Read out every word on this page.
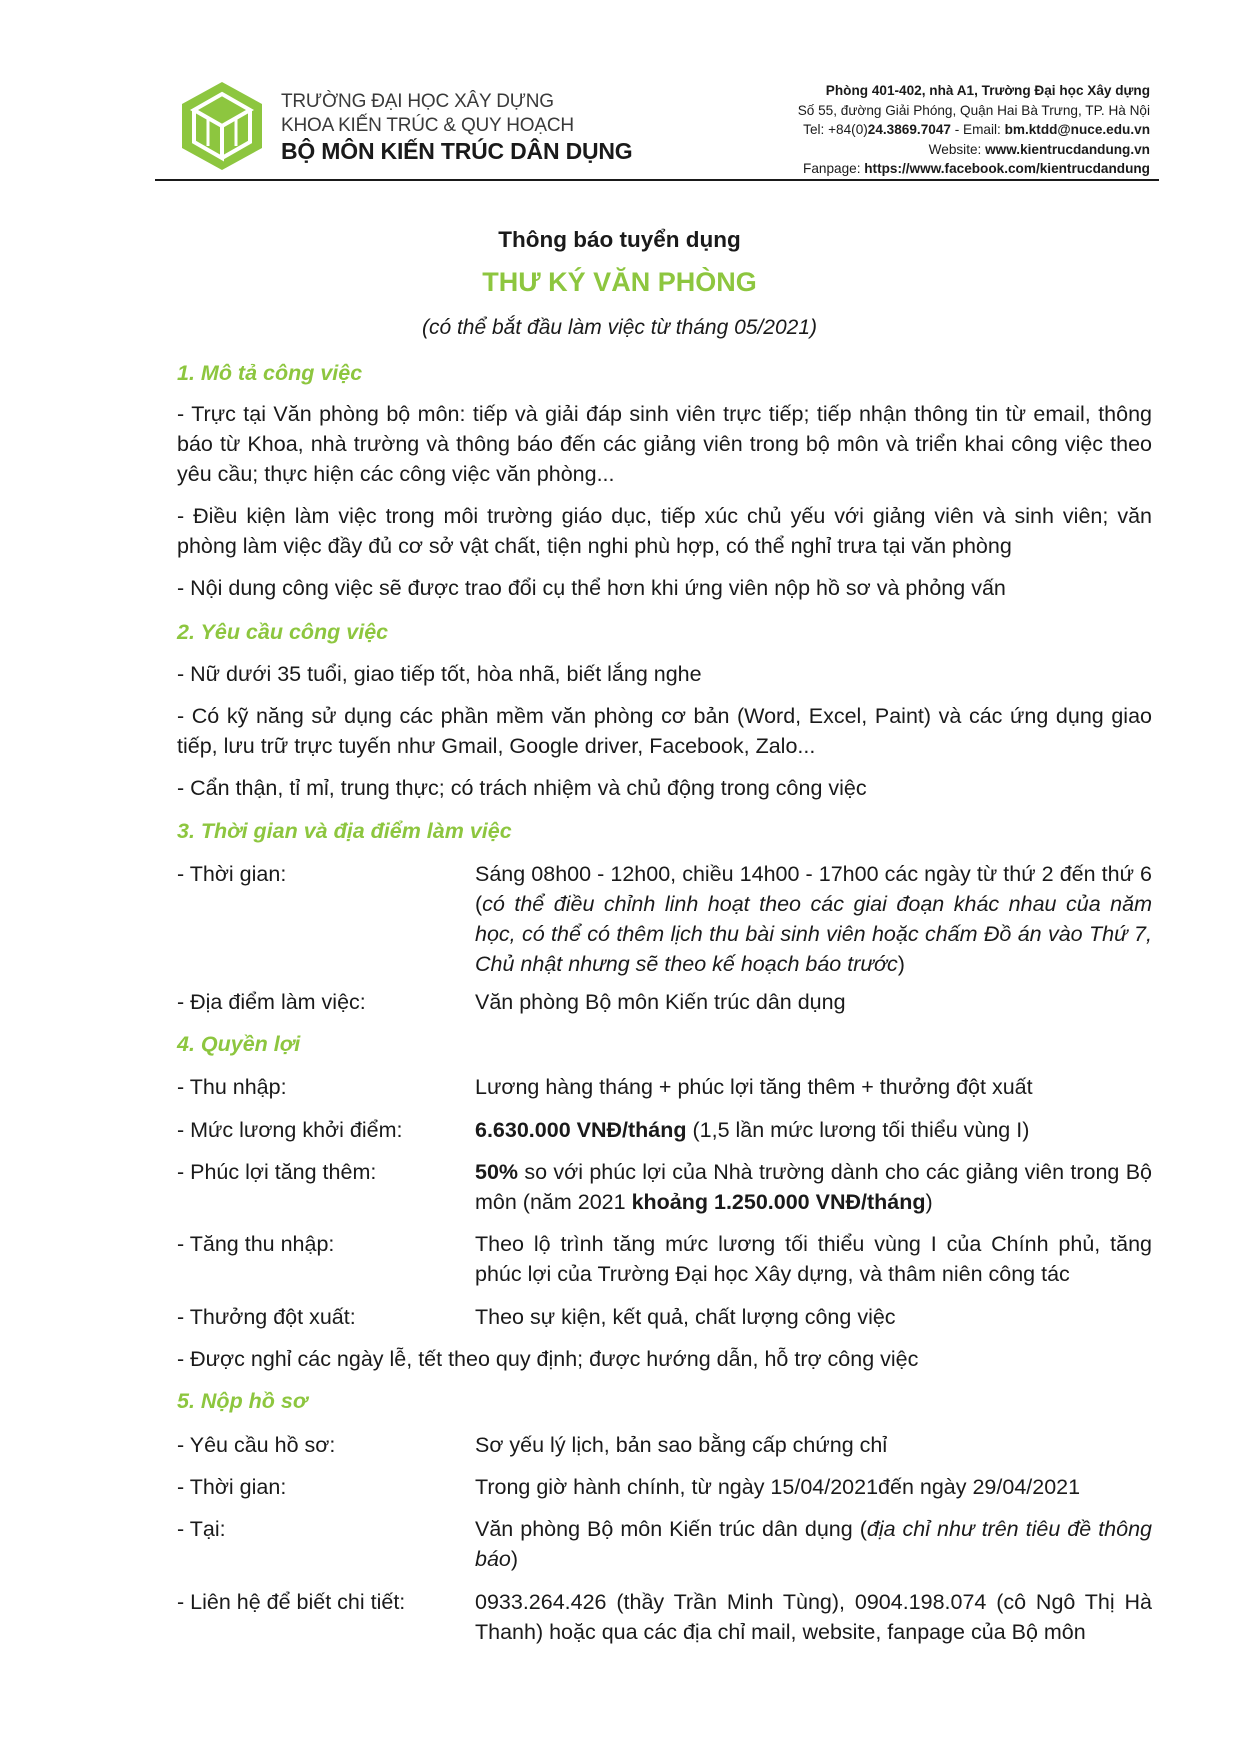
TRƯỜNG ĐẠI HỌC XÂY DỰNG
KHOA KIẾN TRÚC & QUY HOẠCH
BỘ MÔN KIẾN TRÚC DÂN DỤNG
Phòng 401-402, nhà A1, Trường Đại học Xây dựng
Số 55, đường Giải Phóng, Quận Hai Bà Trưng, TP. Hà Nội
Tel: +84(0)24.3869.7047 - Email: bm.ktdd@nuce.edu.vn
Website: www.kientrucdandung.vn
Fanpage: https://www.facebook.com/kientrucdandung
Thông báo tuyển dụng
THƯ KÝ VĂN PHÒNG
(có thể bắt đầu làm việc từ tháng 05/2021)
1. Mô tả công việc
- Trực tại Văn phòng bộ môn: tiếp và giải đáp sinh viên trực tiếp; tiếp nhận thông tin từ email, thông báo từ Khoa, nhà trường và thông báo đến các giảng viên trong bộ môn và triển khai công việc theo yêu cầu; thực hiện các công việc văn phòng...
- Điều kiện làm việc trong môi trường giáo dục, tiếp xúc chủ yếu với giảng viên và sinh viên; văn phòng làm việc đầy đủ cơ sở vật chất, tiện nghi phù hợp, có thể nghỉ trưa tại văn phòng
- Nội dung công việc sẽ được trao đổi cụ thể hơn khi ứng viên nộp hồ sơ và phỏng vấn
2. Yêu cầu công việc
- Nữ dưới 35 tuổi, giao tiếp tốt, hòa nhã, biết lắng nghe
- Có kỹ năng sử dụng các phần mềm văn phòng cơ bản (Word, Excel, Paint) và các ứng dụng giao tiếp, lưu trữ trực tuyến như Gmail, Google driver, Facebook, Zalo...
- Cẩn thận, tỉ mỉ, trung thực; có trách nhiệm và chủ động trong công việc
3. Thời gian và địa điểm làm việc
- Thời gian:	Sáng 08h00 - 12h00, chiều 14h00 - 17h00 các ngày từ thứ 2 đến thứ 6 (có thể điều chỉnh linh hoạt theo các giai đoạn khác nhau của năm học, có thể có thêm lịch thu bài sinh viên hoặc chấm Đồ án vào Thứ 7, Chủ nhật nhưng sẽ theo kế hoạch báo trước)
- Địa điểm làm việc:	Văn phòng Bộ môn Kiến trúc dân dụng
4. Quyền lợi
- Thu nhập:	Lương hàng tháng + phúc lợi tăng thêm + thưởng đột xuất
- Mức lương khởi điểm:	6.630.000 VNĐ/tháng (1,5 lần mức lương tối thiểu vùng I)
- Phúc lợi tăng thêm:	50% so với phúc lợi của Nhà trường dành cho các giảng viên trong Bộ môn (năm 2021 khoảng 1.250.000 VNĐ/tháng)
- Tăng thu nhập:	Theo lộ trình tăng mức lương tối thiểu vùng I của Chính phủ, tăng phúc lợi của Trường Đại học Xây dựng, và thâm niên công tác
- Thưởng đột xuất:	Theo sự kiện, kết quả, chất lượng công việc
- Được nghỉ các ngày lễ, tết theo quy định; được hướng dẫn, hỗ trợ công việc
5. Nộp hồ sơ
- Yêu cầu hồ sơ:	Sơ yếu lý lịch, bản sao bằng cấp chứng chỉ
- Thời gian:	Trong giờ hành chính, từ ngày 15/04/2021đến ngày 29/04/2021
- Tại:	Văn phòng Bộ môn Kiến trúc dân dụng (địa chỉ như trên tiêu đề thông báo)
- Liên hệ để biết chi tiết:	0933.264.426 (thầy Trần Minh Tùng), 0904.198.074 (cô Ngô Thị Hà Thanh) hoặc qua các địa chỉ mail, website, fanpage của Bộ môn
